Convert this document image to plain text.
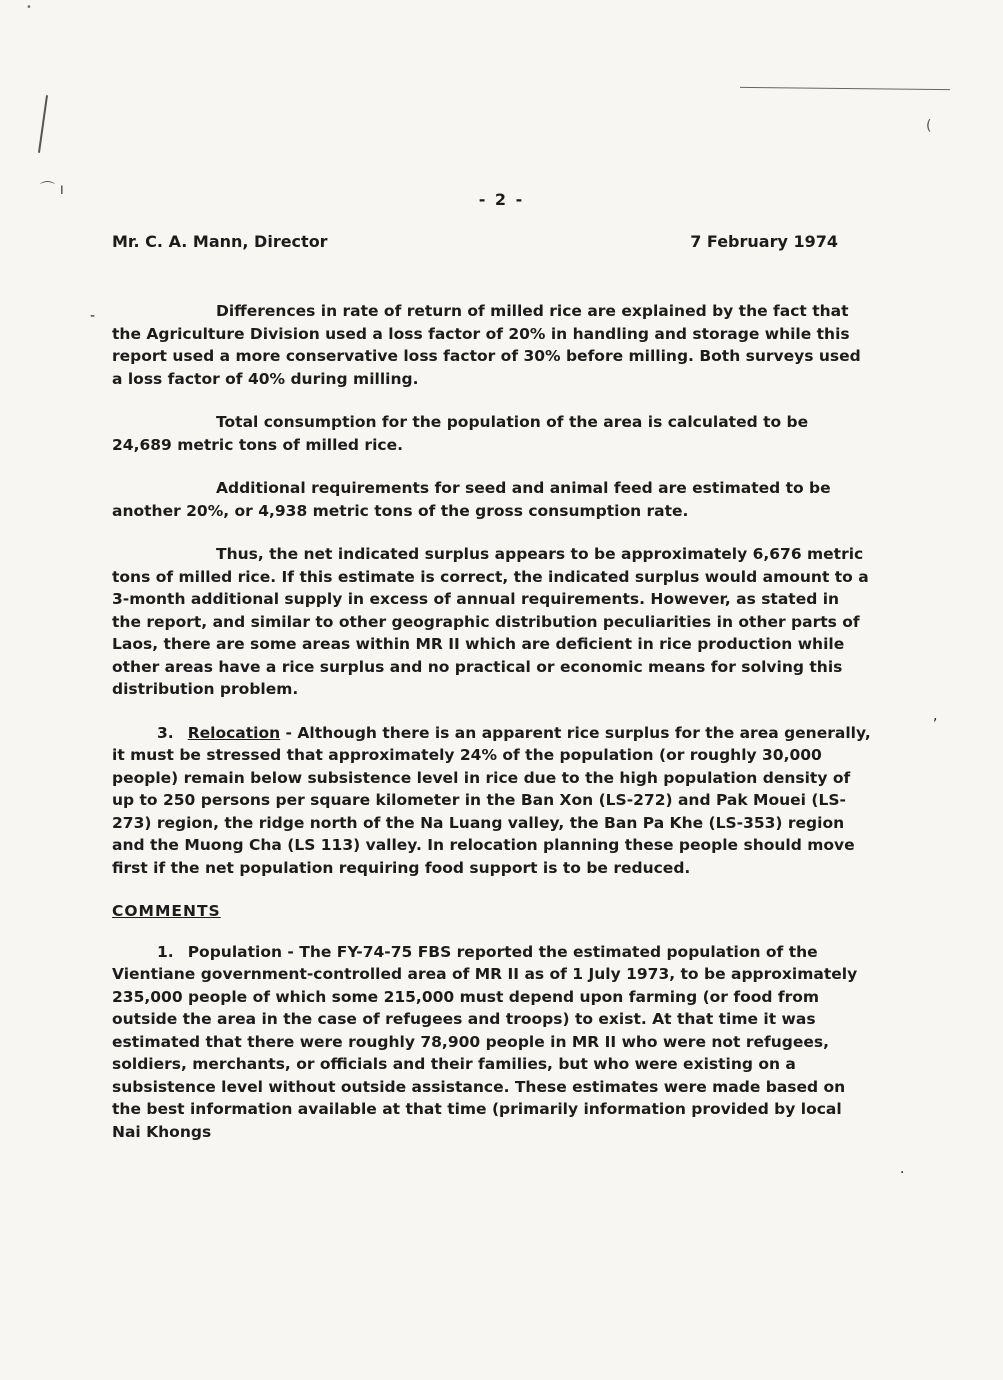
•
(
⌒ ı
- 2 -
Mr. C. A. Mann, Director	7 February 1974
-	Differences in rate of return of milled rice are explained by the fact that the Agriculture Division used a loss factor of 20% in handling and storage while this report used a more conservative loss factor of 30% before milling. Both surveys used a loss factor of 40% during milling.

Total consumption for the population of the area is calculated to be 24,689 metric tons of milled rice.

Additional requirements for seed and animal feed are estimated to be another 20%, or 4,938 metric tons of the gross consumption rate.

Thus, the net indicated surplus appears to be approximately 6,676 metric tons of milled rice. If this estimate is correct, the indicated surplus would amount to a 3-month additional supply in excess of annual requirements. However, as stated in the report, and similar to other geographic distribution peculiarities in other parts of Laos, there are some areas within MR II which are deficient in rice production while other areas have a rice surplus and no practical or economic means for solving this distribution problem.

3. Relocation - Although there is an apparent rice surplus for the area generally, it must be stressed that approximately 24% of the population (or roughly 30,000 people) remain below subsistence level in rice due to the high population density of up to 250 persons per square kilometer in the Ban Xon (LS-272) and Pak Mouei (LS-273) region, the ridge north of the Na Luang valley, the Ban Pa Khe (LS-353) region and the Muong Cha (LS 113) valley. In relocation planning these people should move first if the net population requiring food support is to be reduced.

COMMENTS

1. Population - The FY-74-75 FBS reported the estimated population of the Vientiane government-controlled area of MR II as of 1 July 1973, to be approximately 235,000 people of which some 215,000 must depend upon farming (or food from outside the area in the case of refugees and troops) to exist. At that time it was estimated that there were roughly 78,900 people in MR II who were not refugees, soldiers, merchants, or officials and their families, but who were existing on a subsistence level without outside assistance. These estimates were made based on the best information available at that time (primarily information provided by local Nai Khongs

,
·
